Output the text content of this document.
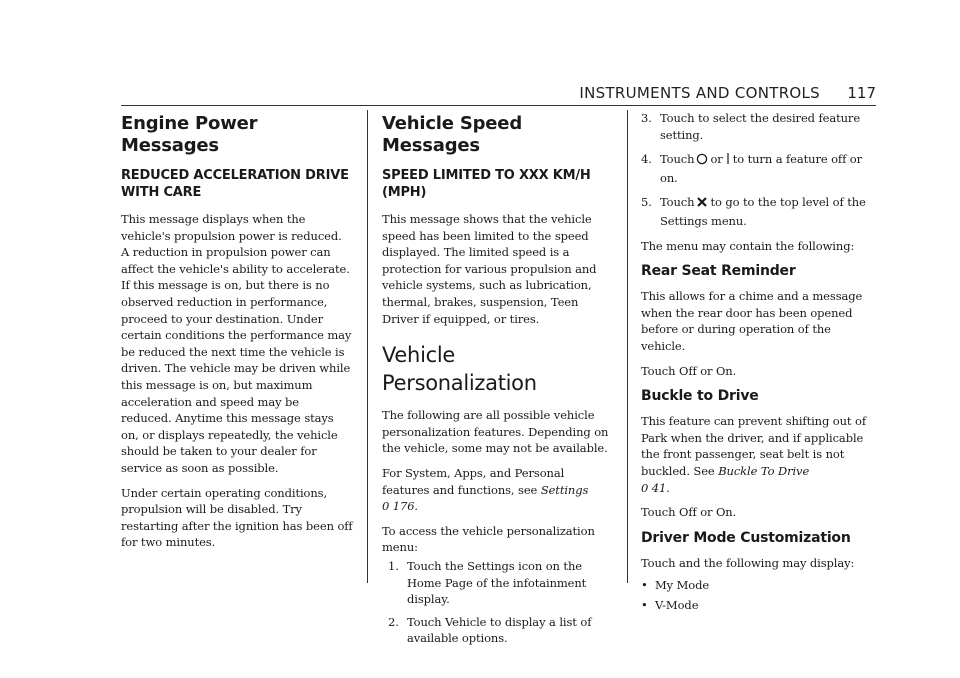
INSTRUMENTS AND CONTROLS 117
Engine Power Messages
REDUCED ACCELERATION DRIVE WITH CARE

This message displays when the vehicle's propulsion power is reduced. A reduction in propulsion power can affect the vehicle's ability to accelerate. If this message is on, but there is no observed reduction in performance, proceed to your destination. Under certain conditions the performance may be reduced the next time the vehicle is driven. The vehicle may be driven while this message is on, but maximum acceleration and speed may be reduced. Anytime this message stays on, or displays repeatedly, the vehicle should be taken to your dealer for service as soon as possible.

Under certain operating conditions, propulsion will be disabled. Try restarting after the ignition has been off for two minutes.

Vehicle Speed Messages
SPEED LIMITED TO XXX KM/H (MPH)

This message shows that the vehicle speed has been limited to the speed displayed. The limited speed is a protection for various propulsion and vehicle systems, such as lubrication, thermal, brakes, suspension, Teen Driver if equipped, or tires.

Vehicle Personalization

The following are all possible vehicle personalization features. Depending on the vehicle, some may not be available.

For System, Apps, and Personal features and functions, see Settings
0 176.

To access the vehicle personalization menu:

1. Touch the Settings icon on the Home Page of the infotainment display.
2. Touch Vehicle to display a list of available options.
3. Touch to select the desired feature setting.
4. Touch or to turn a feature off or on.
5. Touch to go to the top level of the Settings menu.

The menu may contain the following:

Rear Seat Reminder

This allows for a chime and a message when the rear door has been opened before or during operation of the vehicle.

Touch Off or On.

Buckle to Drive

This feature can prevent shifting out of Park when the driver, and if applicable the front passenger, seat belt is not buckled. See Buckle To Drive
0 41.

Touch Off or On.

Driver Mode Customization

Touch and the following may display:

• My Mode
• V-Mode
